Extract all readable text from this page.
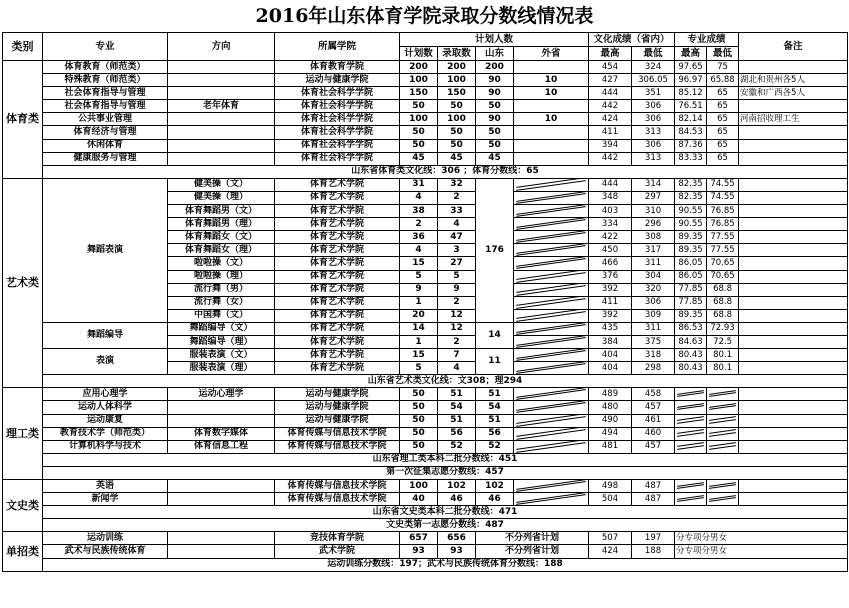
2016年山东体育学院录取分数线情况表
类别	专业	方向	所属学院	计划人数				文化成绩（省内）		专业成绩		备注
				计划数	录取数	山东	外省	最高	最低	最高	最低	
体育类	体育教育（师范类）		体育教育学院	200	200	200		454	324	97.65	75	
	特殊教育（师范类）		运动与健康学院	100	100	90	10	427	306.05	96.97	65.88	湖北和贵州各5人
	社会体育指导与管理		体育社会科学学院	150	150	90	10	444	351	85.12	65	安徽和广西各5人
	社会体育指导与管理	老年体育	体育社会科学学院	50	50	50		442	306	76.51	65	
	公共事业管理		体育社会科学学院	100	100	90	10	424	306	82.14	65	河南招收理工生
	体育经济与管理		体育社会科学学院	50	50	50		411	313	84.53	65	
	休闲体育		体育社会科学学院	50	50	50		394	306	87.36	65	
	健康服务与管理		体育社会科学学院	45	45	45		442	313	83.33	65	
	山东省体育类文化线：306 ；体育分数线：65											
艺术类	舞蹈表演	健美操（文）	体育艺术学院	31	32	176		444	314	82.35	74.55	
		健美操（理）	体育艺术学院	4	2			348	297	82.35	74.55	
		体育舞蹈男（文）	体育艺术学院	38	33			403	310	90.55	76.85	
		体育舞蹈男（理）	体育艺术学院	2	4			334	296	90.55	76.85	
		体育舞蹈女（文）	体育艺术学院	36	47			422	308	89.35	77.55	
		体育舞蹈女（理）	体育艺术学院	4	3			450	317	89.35	77.55	
		啦啦操（文）	体育艺术学院	15	27			466	311	86.05	70.65	
		啦啦操（理）	体育艺术学院	5	5			376	304	86.05	70.65	
		流行舞（男）	体育艺术学院	9	9			392	320	77.85	68.8	
		流行舞（女）	体育艺术学院	1	2			411	306	77.85	68.8	
		中国舞（文）	体育艺术学院	20	12			392	309	89.35	68.8	
	舞蹈编导	舞蹈编导（文）	体育艺术学院	14	12	14		435	311	86.53	72.93	
		舞蹈编导（理）	体育艺术学院	1	2			384	375	84.63	72.5	
	表演	服装表演（文）	体育艺术学院	15	7	11		404	318	80.43	80.1	
		服装表演（理）	体育艺术学院	5	4			404	298	80.43	80.1	
	山东省艺术类文化线：文308；理294											
理工类	应用心理学	运动心理学	运动与健康学院	50	51	51		489	458			
	运动人体科学		运动与健康学院	50	54	54		480	457			
	运动康复		运动与健康学院	50	51	51		490	461			
	教育技术学（师范类）	体育数字媒体	体育传媒与信息技术学院	50	56	56		494	460			
	计算机科学与技术	体育信息工程	体育传媒与信息技术学院	50	52	52		481	457			
	山东省理工类本科二批分数线：451											
	第一次征集志愿分数线：457											
文史类	英语		体育传媒与信息技术学院	100	102	102		498	487			
	新闻学		体育传媒与信息技术学院	40	46	46		504	487			
	山东省文史类本科二批分数线：471											
	文史类第一志愿分数线：487											
单招类	运动训练		竞技体育学院	657	656	不分列省计划		507	197	分专项分男女		
	武术与民族传统体育		武术学院	93	93	不分列省计划		424	188	分专项分男女		
	运动训练分数线：197；武术与民族传统体育分数线：188											
